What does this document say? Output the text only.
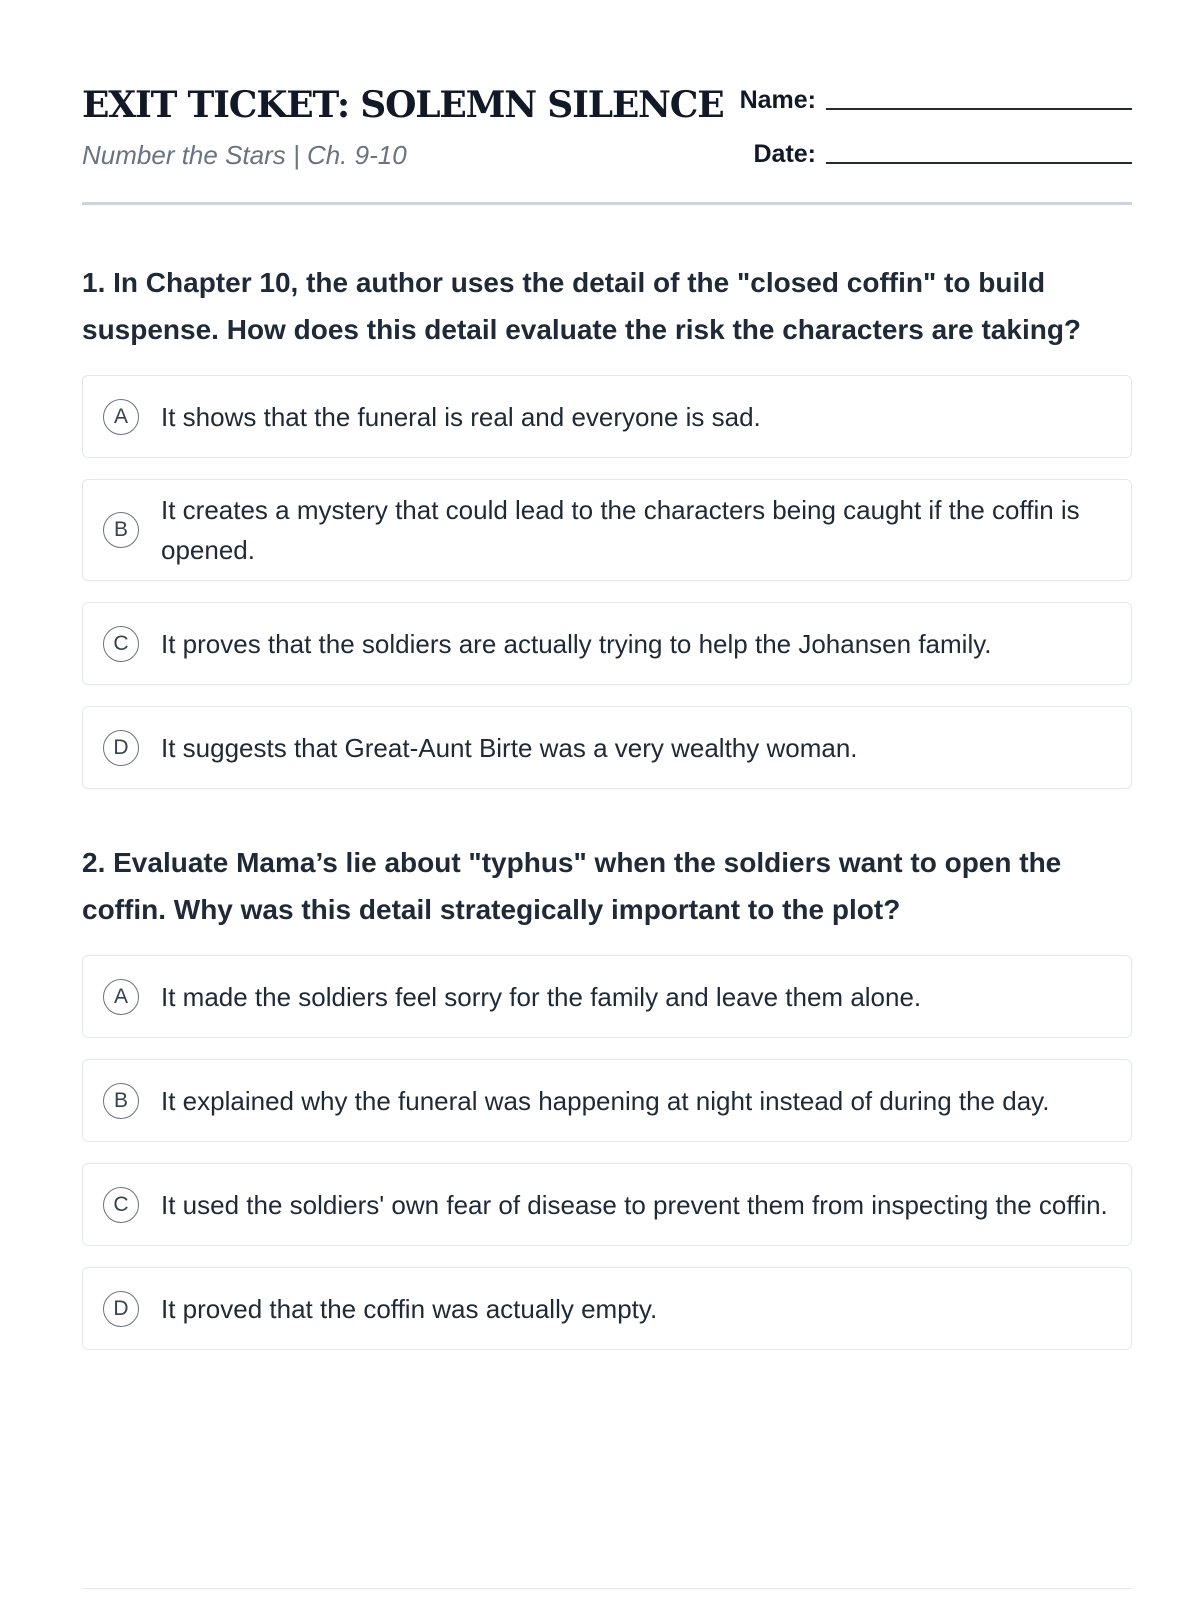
EXIT TICKET: SOLEMN SILENCE
Number the Stars | Ch. 9-10
Name:
Date:

1. In Chapter 10, the author uses the detail of the "closed coffin" to build suspense. How does this detail evaluate the risk the characters are taking?

A	It shows that the funeral is real and everyone is sad.
B
It creates a mystery that could lead to the characters being caught if the coffin is opened.
C	It proves that the soldiers are actually trying to help the Johansen family.
D	It suggests that Great-Aunt Birte was a very wealthy woman.

2. Evaluate Mama’s lie about "typhus" when the soldiers want to open the coffin. Why was this detail strategically important to the plot?

A	It made the soldiers feel sorry for the family and leave them alone.
B	It explained why the funeral was happening at night instead of during the day.
C	It used the soldiers' own fear of disease to prevent them from inspecting the coffin.
D	It proved that the coffin was actually empty.
